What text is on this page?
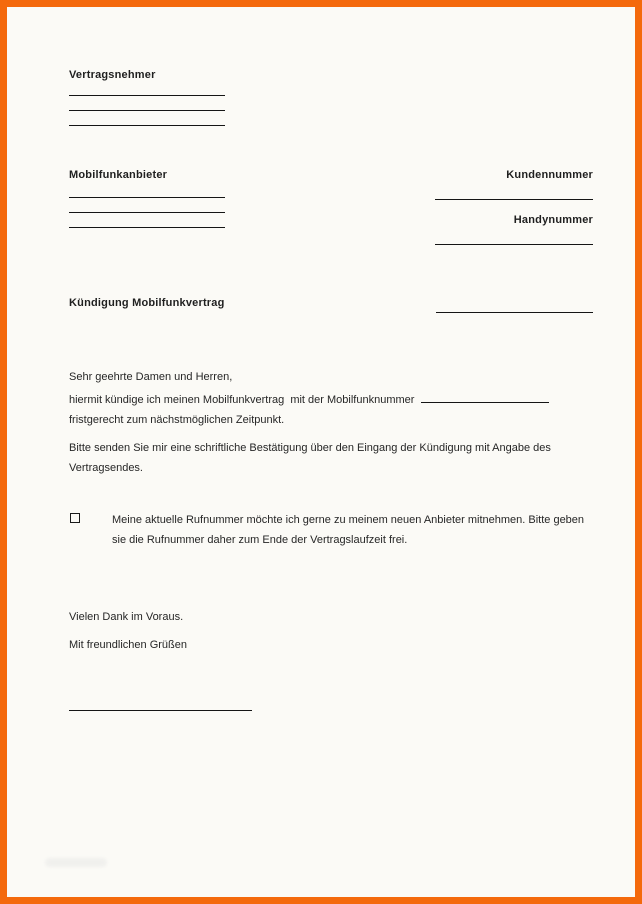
Vertragsnehmer
Mobilfunkanbieter	Kundennummer
Handynummer
Kündigung Mobilfunkvertrag
Sehr geehrte Damen und Herren,
hiermit kündige ich meinen Mobilfunkvertrag  mit der Mobilfunknummer
fristgerecht zum nächstmöglichen Zeitpunkt.
Bitte senden Sie mir eine schriftliche Bestätigung über den Eingang der Kündigung mit Angabe des
Vertragsendes.
Meine aktuelle Rufnummer möchte ich gerne zu meinem neuen Anbieter mitnehmen. Bitte geben
sie die Rufnummer daher zum Ende der Vertragslaufzeit frei.
Vielen Dank im Voraus.
Mit freundlichen Grüßen
